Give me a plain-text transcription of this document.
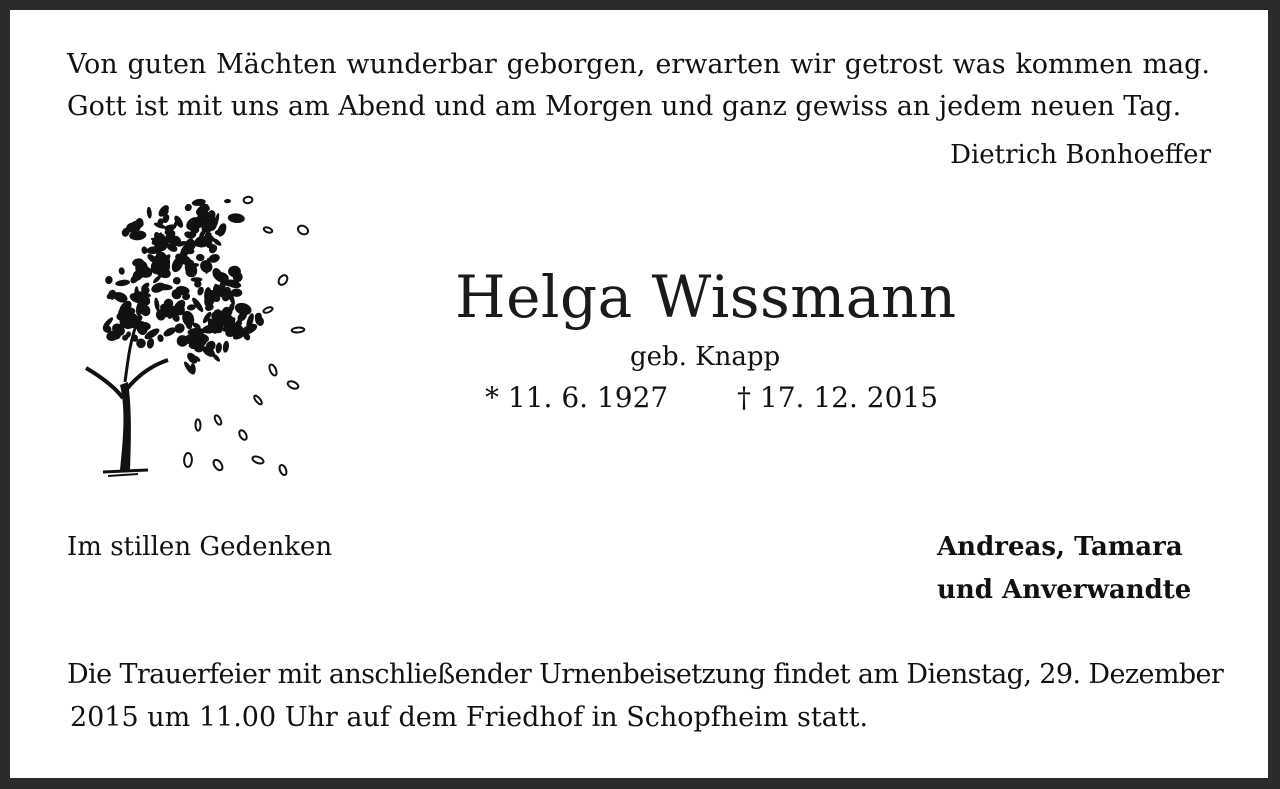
Von guten Mächten wunderbar geborgen, erwarten wir getrost was kommen mag.
Gott ist mit uns am Abend und am Morgen und ganz gewiss an jedem neuen Tag.
Dietrich Bonhoeffer
Helga Wissmann
geb. Knapp
* 11. 6. 1927 † 17. 12. 2015
Im stillen Gedenken	Andreas, Tamara
und Anverwandte
Die Trauerfeier mit anschließender Urnenbeisetzung findet am Dienstag, 29. Dezember
2015 um 11.00 Uhr auf dem Friedhof in Schopfheim statt.
